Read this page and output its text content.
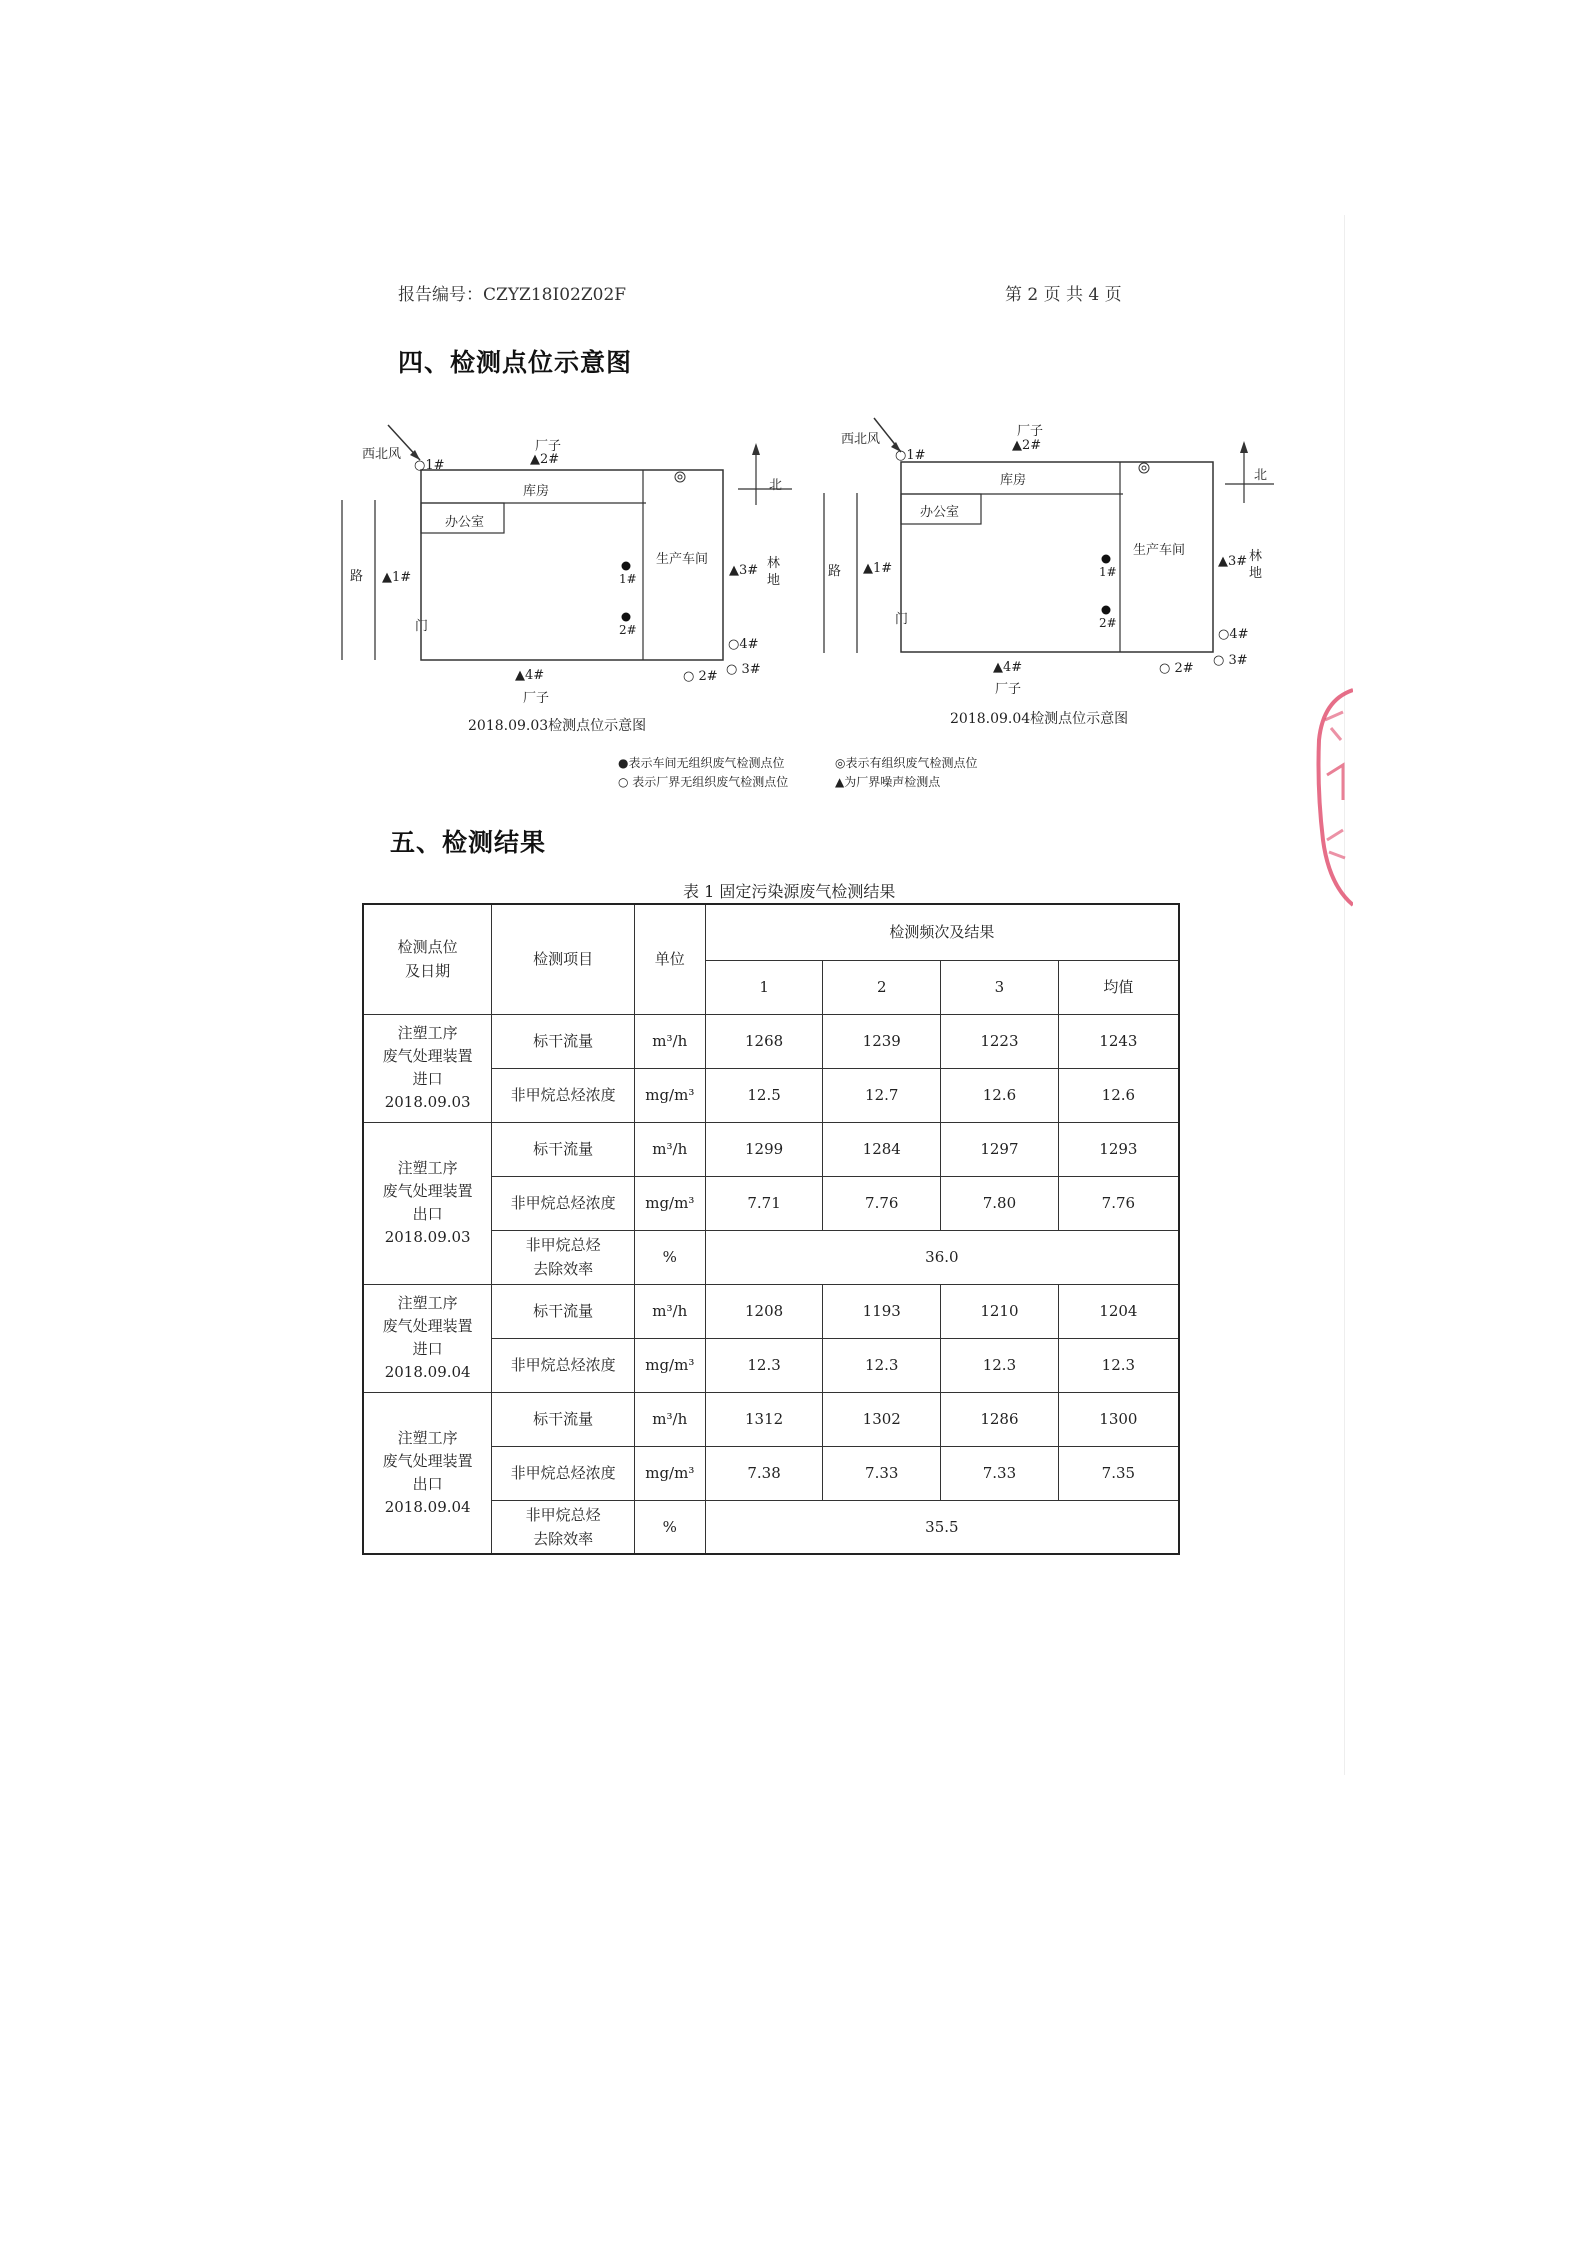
报告编号：CZYZ18I02Z02F	第 2 页 共 4 页
四、检测点位示意图
西北风
厂子
▲2#
○1#
库房
办公室
生产车间
路 ▲1#	1#
2#
门
▲3# 林
地
北
○4#
○ 3#
○ 2#
▲4#
厂子
2018.09.03检测点位示意图
西北风
厂子
▲2#
○1#
库房
办公室
生产车间
路 ▲1#	1#
2#
门
▲3# 林
地
北
○4#
○ 3#
○ 2#
▲4#
厂子
2018.09.04检测点位示意图
●表示车间无组织废气检测点位	◎表示有组织废气检测点位
○ 表示厂界无组织废气检测点位	▲为厂界噪声检测点
五、检测结果
表 1 固定污染源废气检测结果
检测点位
及日期	检测项目	单位	检测频次及结果			
			1	2	3	均值
注塑工序
废气处理装置
进口
2018.09.03	标干流量	m³/h	1268	1239	1223	1243
	非甲烷总烃浓度	mg/m³	12.5	12.7	12.6	12.6
注塑工序
废气处理装置
出口
2018.09.03	标干流量	m³/h	1299	1284	1297	1293
	非甲烷总烃浓度	mg/m³	7.71	7.76	7.80	7.76
	非甲烷总烃
去除效率	%	36.0			
注塑工序
废气处理装置
进口
2018.09.04	标干流量	m³/h	1208	1193	1210	1204
	非甲烷总烃浓度	mg/m³	12.3	12.3	12.3	12.3
注塑工序
废气处理装置
出口
2018.09.04	标干流量	m³/h	1312	1302	1286	1300
	非甲烷总烃浓度	mg/m³	7.38	7.33	7.33	7.35
	非甲烷总烃
去除效率	%	35.5			
